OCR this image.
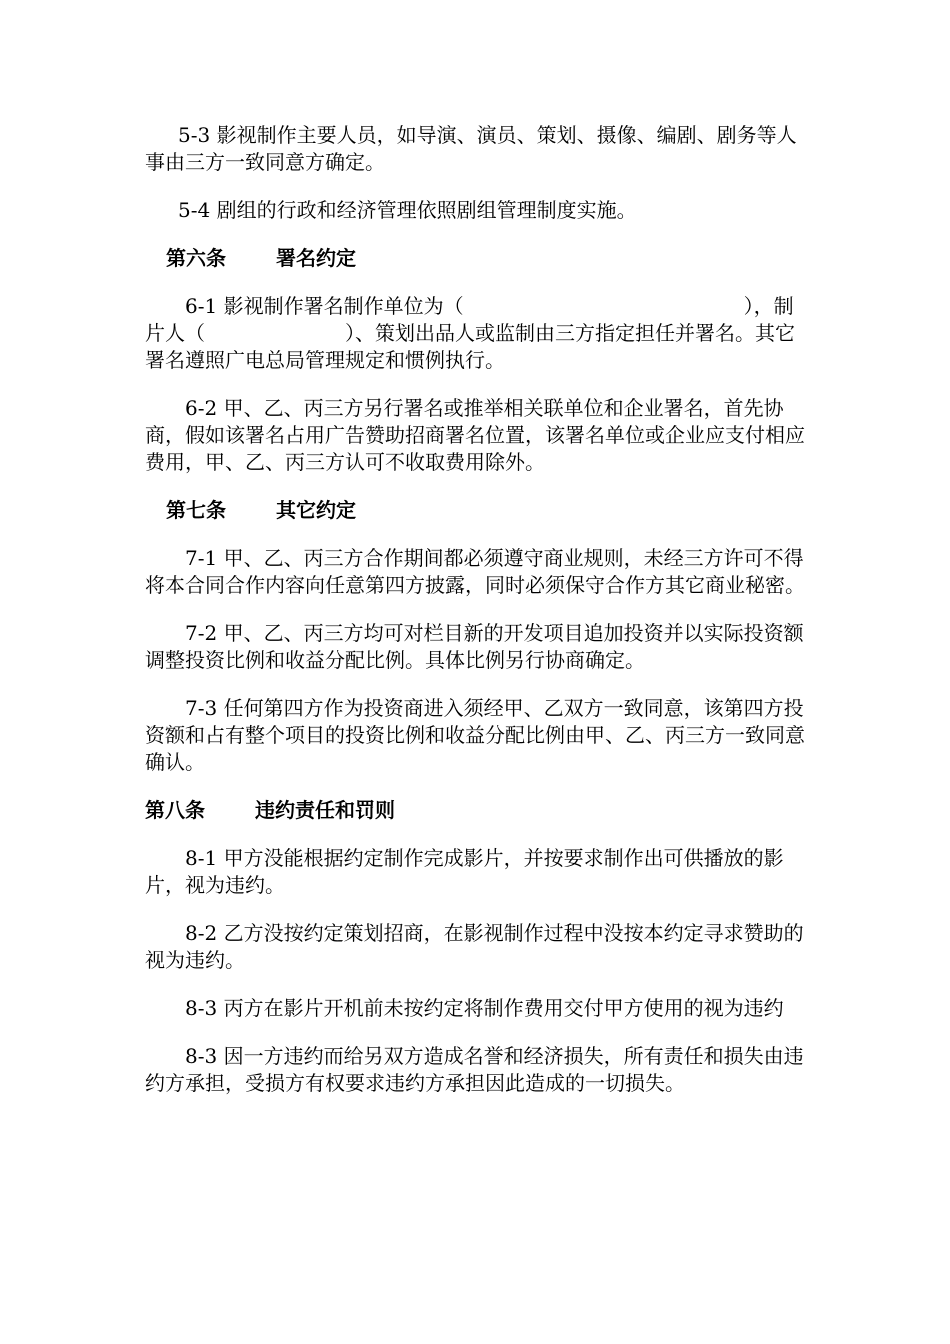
5-3 影视制作主要人员，如导演、演员、策划、摄像、编剧、剧务等人事由三方一致同意方确定。

5-4 剧组的行政和经济管理依照剧组管理制度实施。

第六条	署名约定

6-1 影视制作署名制作单位为（　　　　　　　　　　　　　　），制片人（　　　　　　　）、策划出品人或监制由三方指定担任并署名。其它署名遵照广电总局管理规定和惯例执行。

6-2 甲、乙、丙三方另行署名或推举相关联单位和企业署名，首先协商，假如该署名占用广告赞助招商署名位置，该署名单位或企业应支付相应费用，甲、乙、丙三方认可不收取费用除外。

第七条	其它约定

7-1 甲、乙、丙三方合作期间都必须遵守商业规则，未经三方许可不得将本合同合作内容向任意第四方披露，同时必须保守合作方其它商业秘密。

7-2 甲、乙、丙三方均可对栏目新的开发项目追加投资并以实际投资额调整投资比例和收益分配比例。具体比例另行协商确定。

7-3 任何第四方作为投资商进入须经甲、乙双方一致同意，该第四方投资额和占有整个项目的投资比例和收益分配比例由甲、乙、丙三方一致同意确认。

第八条	违约责任和罚则

8-1 甲方没能根据约定制作完成影片，并按要求制作出可供播放的影片，视为违约。

8-2 乙方没按约定策划招商，在影视制作过程中没按本约定寻求赞助的视为违约。

8-3 丙方在影片开机前未按约定将制作费用交付甲方使用的视为违约

8-3 因一方违约而给另双方造成名誉和经济损失，所有责任和损失由违约方承担，受损方有权要求违约方承担因此造成的一切损失。
